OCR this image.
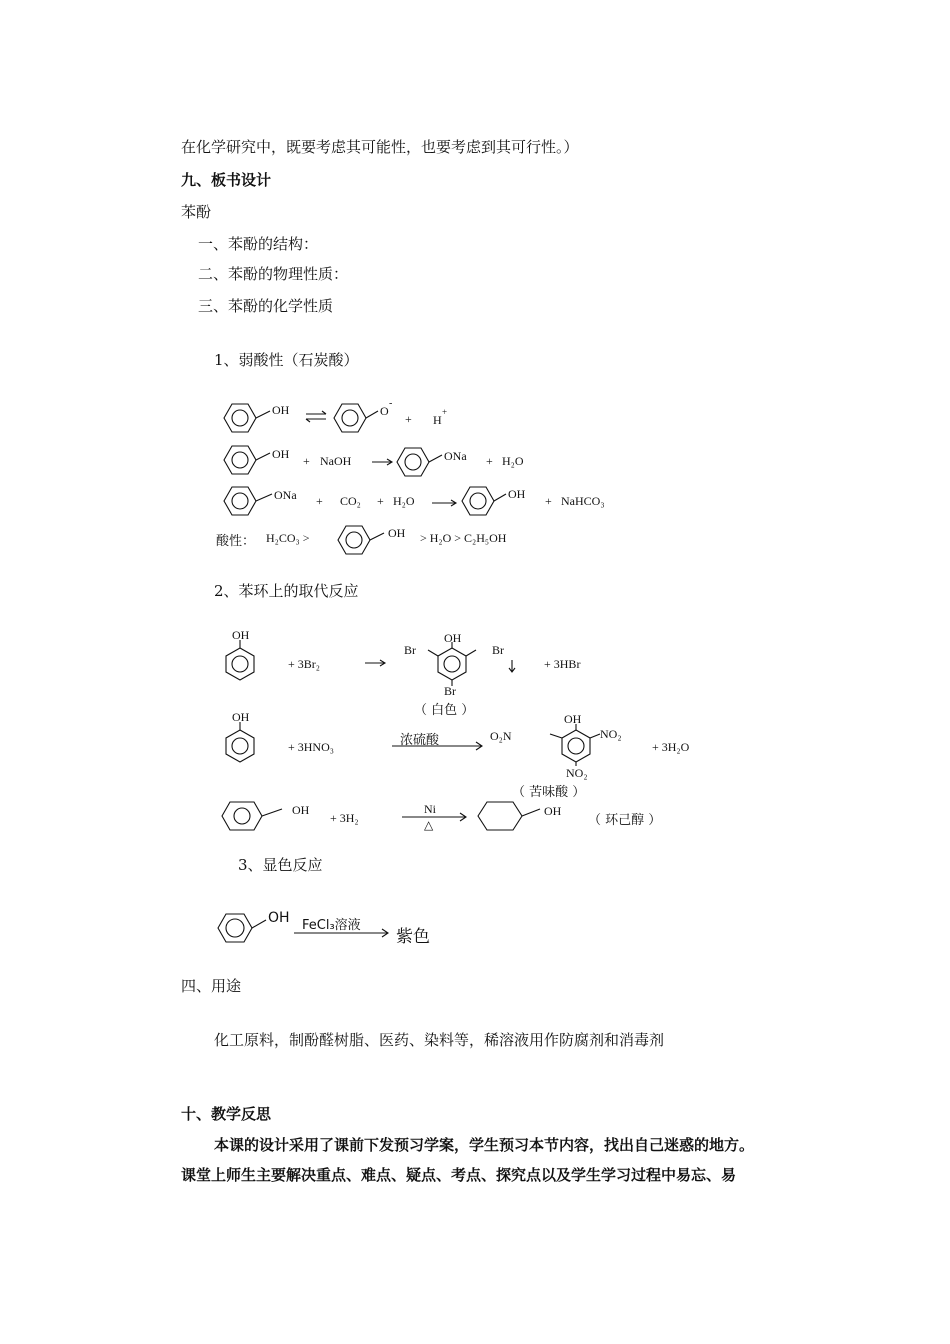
在化学研究中，既要考虑其可能性，也要考虑到其可行性。）
九、板书设计
苯酚
一、苯酚的结构：
二、苯酚的物理性质：
三、苯酚的化学性质
1、弱酸性（石炭酸）
2、苯环上的取代反应
3、显色反应
四、用途
化工原料，制酚醛树脂、医药、染料等，稀溶液用作防腐剂和消毒剂
十、教学反思
本课的设计采用了课前下发预习学案，学生预习本节内容，找出自己迷惑的地方。
课堂上师生主要解决重点、难点、疑点、考点、探究点以及学生学习过程中易忘、易
OH	O
-
+ H
+
OH + NaOH	ONa + H₂O
ONa + CO₂ + H₂O	OH + NaHCO₃
酸性： H₂CO₃ >	OH > H₂O > C₂H₅OH
OH
+ 3Br₂
OH
Br	Br
Br
+ 3HBr
（ 白色 ）
OH
+ 3HNO₃	浓硫酸	O₂N
OH
NO₂
NO₂
+ 3H₂O
（ 苦味酸 ）
OH
+ 3H₂
Ni
△
OH
（ 环己醇 ）
OH FeCl₃溶液
紫色
